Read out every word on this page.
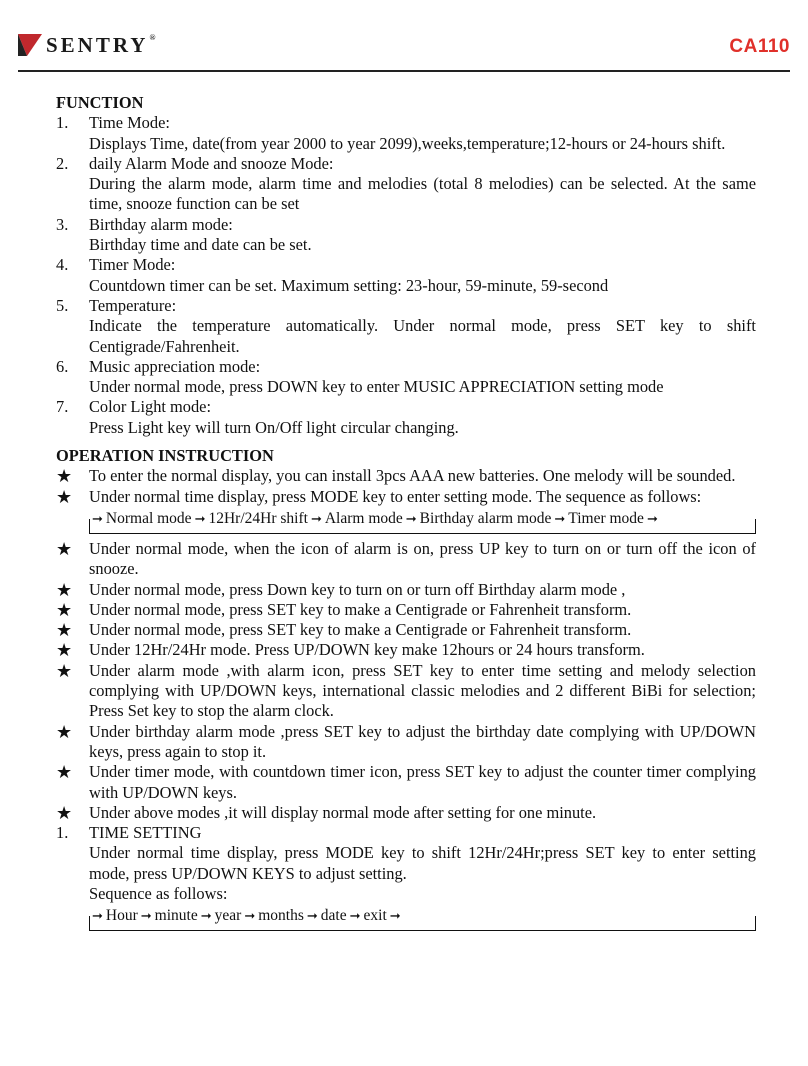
SENTRY®	CA110

FUNCTION

1. Time Mode:

Displays Time, date(from year 2000 to year 2099),weeks,temperature;12-hours or 24-hours shift.

2. daily Alarm Mode and snooze Mode:

During the alarm mode, alarm time and melodies (total 8 melodies) can be selected. At the same time, snooze function can be set

3. Birthday alarm mode:

Birthday time and date can be set.

4. Timer Mode:

Countdown timer can be set. Maximum setting: 23-hour, 59-minute, 59-second

5. Temperature:

Indicate the temperature automatically. Under normal mode, press SET key to shift Centigrade/Fahrenheit.

6. Music appreciation mode:

Under normal mode, press DOWN key to enter MUSIC APPRECIATION setting mode

7. Color Light mode:

Press Light key will turn On/Off light circular changing.

OPERATION INSTRUCTION

★ To enter the normal display, you can install 3pcs AAA new batteries. One melody will be sounded.
★ Under normal time display, press MODE key to enter setting mode. The sequence as follows:
➞ Normal mode ➞ 12Hr/24Hr shift ➞ Alarm mode ➞ Birthday alarm mode ➞ Timer mode ➞
★ Under normal mode, when the icon of alarm is on, press UP key to turn on or turn off the icon of snooze.
★ Under normal mode, press Down key to turn on or turn off Birthday alarm mode ,
★ Under normal mode, press SET key to make a Centigrade or Fahrenheit transform.
★ Under normal mode, press SET key to make a Centigrade or Fahrenheit transform.
★ Under 12Hr/24Hr mode. Press UP/DOWN key make 12hours or 24 hours transform.
★ Under alarm mode ,with alarm icon, press SET key to enter time setting and melody selection complying with UP/DOWN keys, international classic melodies and 2 different BiBi for selection; Press Set key to stop the alarm clock.
★ Under birthday alarm mode ,press SET key to adjust the birthday date complying with UP/DOWN keys, press again to stop it.
★ Under timer mode, with countdown timer icon, press SET key to adjust the counter timer complying with UP/DOWN keys.
★ Under above modes ,it will display normal mode after setting for one minute.
1. TIME SETTING

Under normal time display, press MODE key to shift 12Hr/24Hr;press SET key to enter setting mode, press UP/DOWN KEYS to adjust setting.

Sequence as follows:

➞ Hour ➞ minute ➞ year ➞ months ➞ date ➞ exit ➞
